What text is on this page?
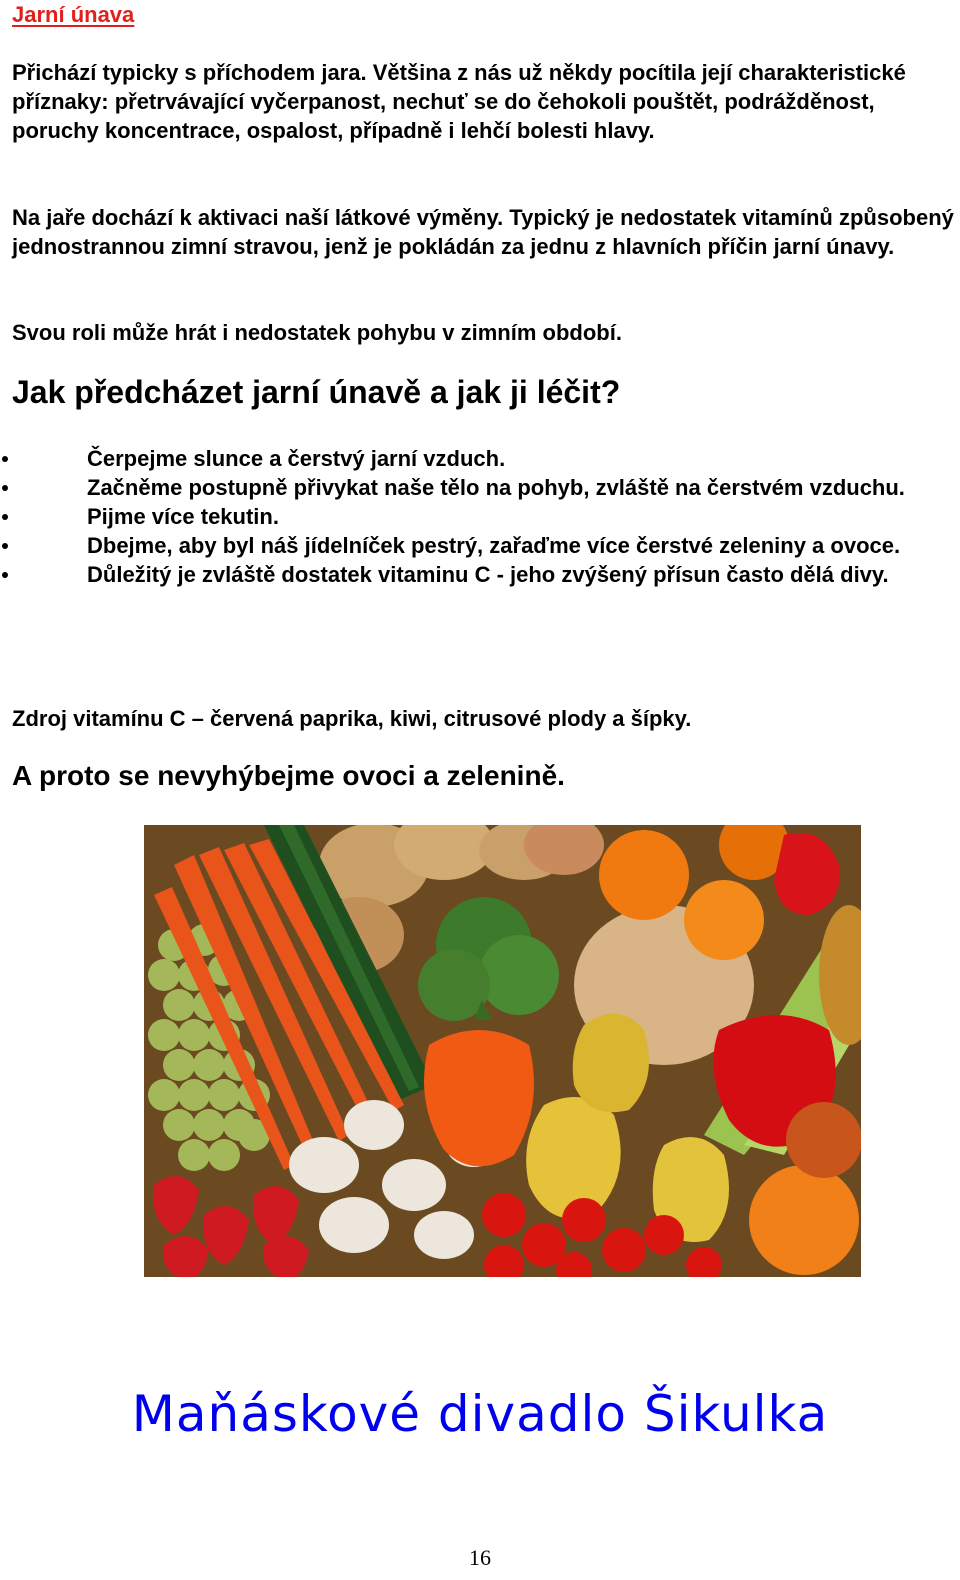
Jarní únava

Přichází typicky s příchodem jara. Většina z nás už někdy pocítila její charakteristické příznaky: přetrvávající vyčerpanost, nechuť se do čehokoli pouštět, podrážděnost, poruchy koncentrace, ospalost, případně i lehčí bolesti hlavy.

Na jaře dochází k aktivaci naší látkové výměny. Typický je nedostatek vitamínů způsobený jednostrannou zimní stravou, jenž je pokládán za jednu z hlavních příčin jarní únavy.

Svou roli může hrát i nedostatek pohybu v zimním období.

Jak předcházet jarní únavě a jak ji léčit?
Čerpejme slunce a čerstvý jarní vzduch.
Začněme postupně přivykat naše tělo na pohyb, zvláště na čerstvém vzduchu.
Pijme více tekutin.
Dbejme, aby byl náš jídelníček pestrý, zařaďme více čerstvé zeleniny a ovoce.
Důležitý je zvláště dostatek vitaminu C - jeho zvýšený přísun často dělá divy.

Zdroj vitamínu C – červená paprika, kiwi, citrusové plody a šípky.

A proto se nevyhýbejme ovoci a zelenině.

Maňáskové divadlo Šikulka
16
